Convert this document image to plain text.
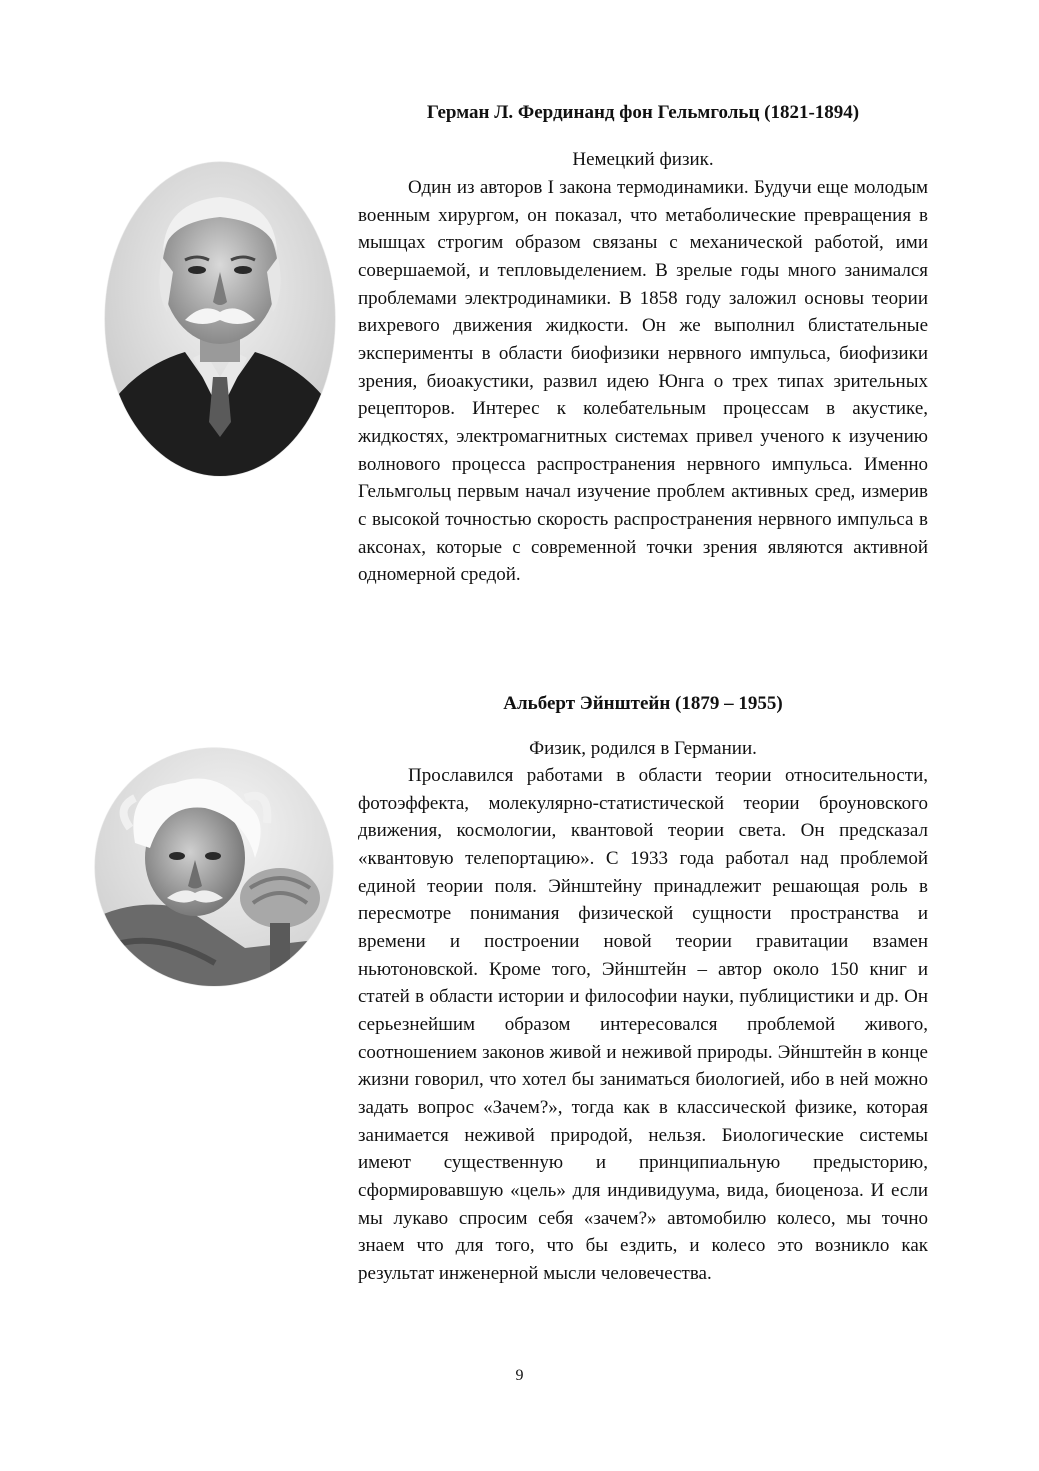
Герман Л. Фердинанд фон Гельмгольц (1821-1894)

Немецкий физик.

Один из авторов I закона термодинамики. Будучи еще молодым военным хирургом, он показал, что метаболические превращения в мышцах строгим образом связаны с механической работой, ими совершаемой, и тепловыделением. В зрелые годы много занимался проблемами электродинамики. В 1858 году заложил основы теории вихревого движения жидкости. Он же выполнил блистательные эксперименты в области биофизики нервного импульса, биофизики зрения, биоакустики, развил идею Юнга о трех типах зрительных рецепторов. Интерес к колебательным процессам в акустике, жидкостях, электромагнитных системах привел ученого к изучению волнового процесса распространения нервного импульса. Именно Гельмгольц первым начал изучение проблем активных сред, измерив с высокой точностью скорость распространения нервного импульса в аксонах, которые с современной точки зрения являются активной одномерной средой.

Альберт Эйнштейн (1879 – 1955)

Физик, родился в Германии.

Прославился работами в области теории относительности, фотоэффекта, молекулярно-статистической теории броуновского движения, космологии, квантовой теории света. Он предсказал «квантовую телепортацию». С 1933 года работал над проблемой единой теории поля. Эйнштейну принадлежит решающая роль в пересмотре понимания физической сущности пространства и времени и построении новой теории гравитации взамен ньютоновской. Кроме того, Эйнштейн – автор около 150 книг и статей в области истории и философии науки, публицистики и др. Он серьезнейшим образом интересовался проблемой живого, соотношением законов живой и неживой природы. Эйнштейн в конце жизни говорил, что хотел бы заниматься биологией, ибо в ней можно задать вопрос «Зачем?», тогда как в классической физике, которая занимается неживой природой, нельзя. Биологические системы имеют существенную и принципиальную предысторию, сформировавшую «цель» для индивидуума, вида, биоценоза. И если мы лукаво спросим себя «зачем?» автомобилю колесо, мы точно знаем что для того, что бы ездить, и колесо это возникло как результат инженерной мысли человечества.

9
